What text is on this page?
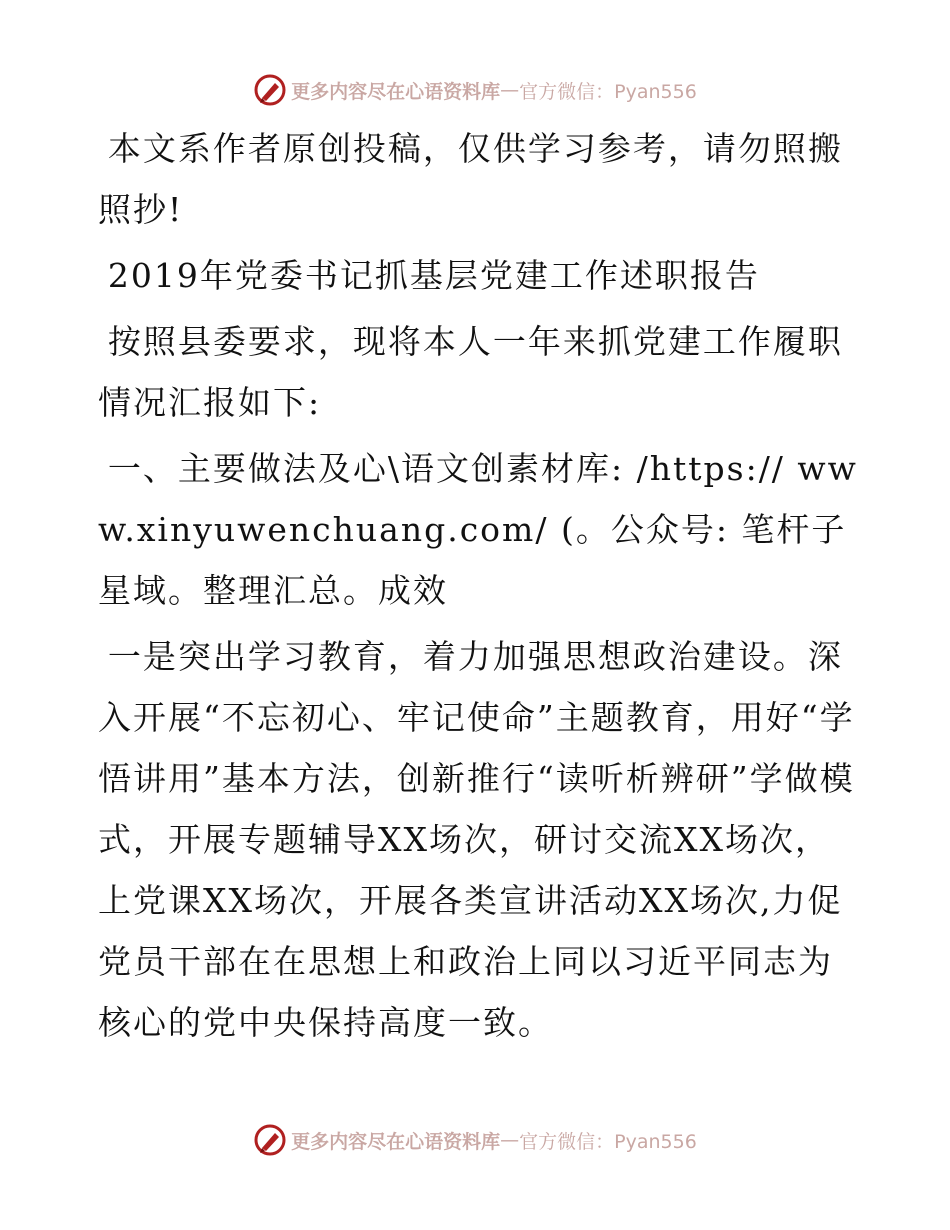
更多内容尽在心语资料库 — 官方微信：Pyan556

本文系作者原创投稿，仅供学习参考，请勿照搬照抄!

2019年党委书记抓基层党建工作述职报告

按照县委要求，现将本人一年来抓党建工作履职情况汇报如下:

一、主要做法及心\语文创素材库: /https:// www.xinyuwenchuang.com/ (。公众号: 笔杆子星域。整理汇总。成效

一是突出学习教育，着力加强思想政治建设。深入开展“不忘初心、牢记使命”主题教育，用好“学悟讲用”基本方法，创新推行“读听析辨研”学做模式，开展专题辅导XX场次，研讨交流XX场次，上党课XX场次，开展各类宣讲活动XX场次,力促党员干部在在思想上和政治上同以习近平同志为核心的党中央保持高度一致。

更多内容尽在心语资料库 — 官方微信：Pyan556
